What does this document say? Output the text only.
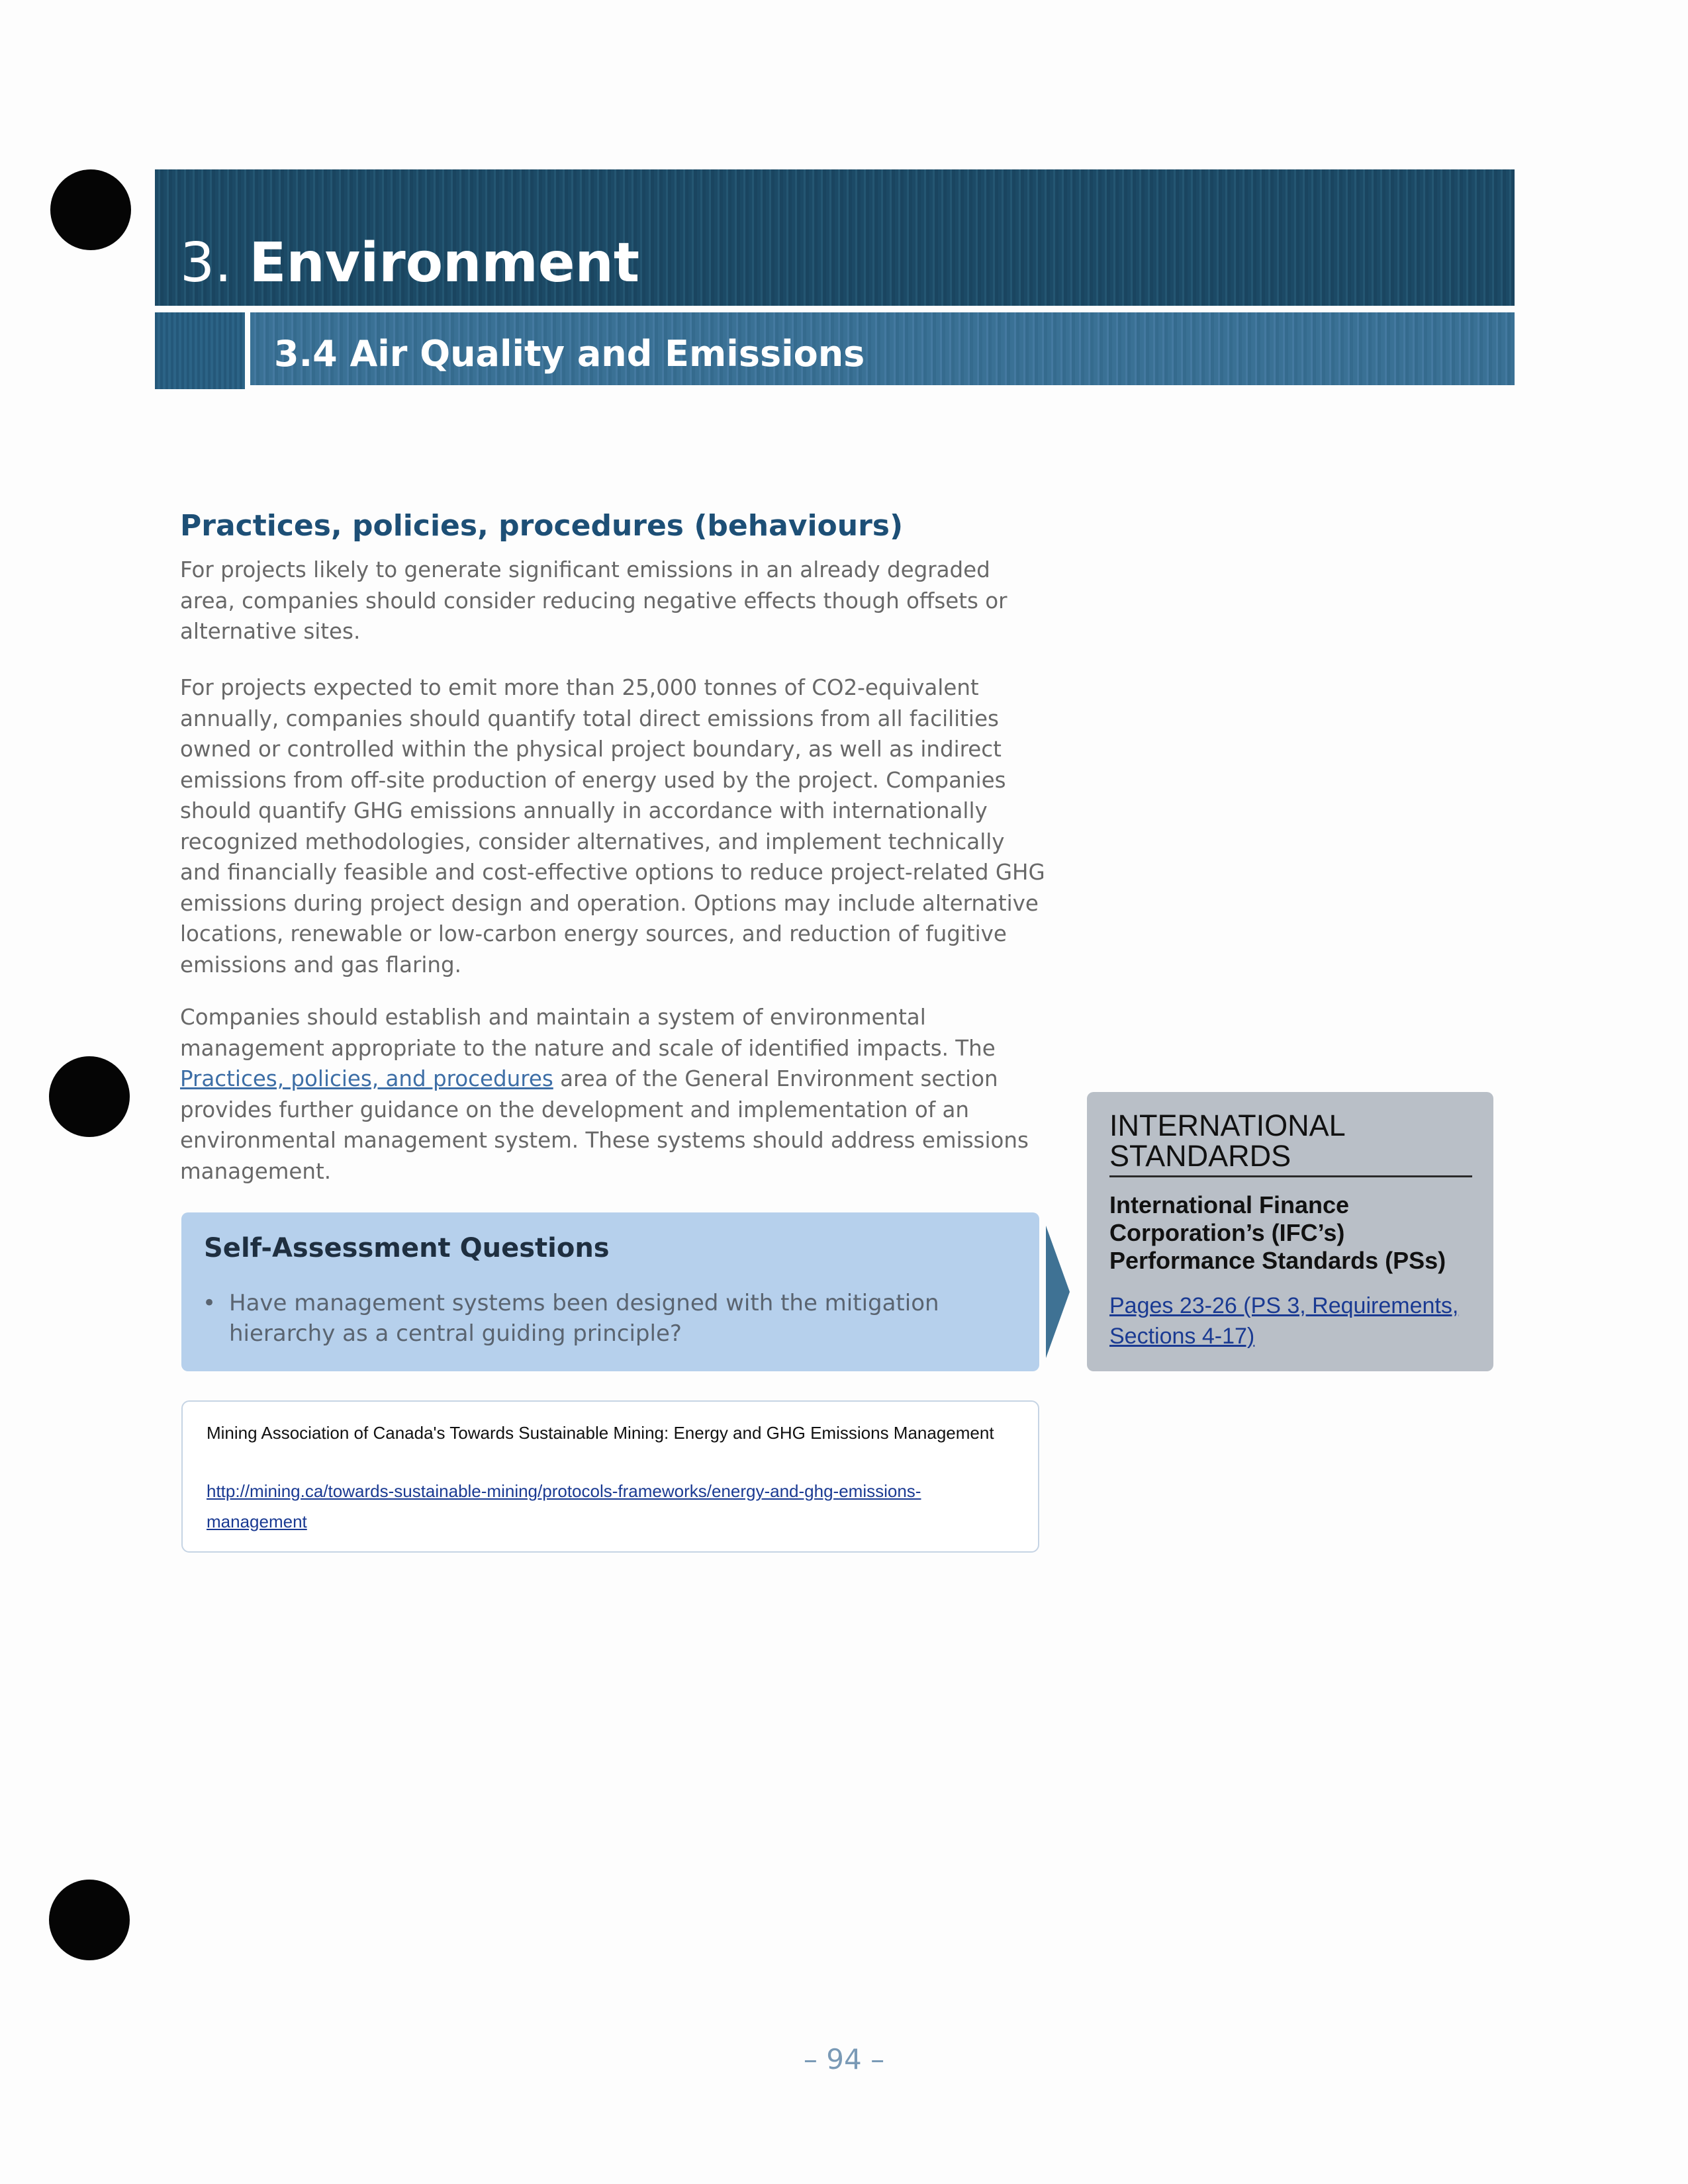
3. Environment
3.4 Air Quality and Emissions
Practices, policies, procedures (behaviours)
For projects likely to generate significant emissions in an already degraded area, companies should consider reducing negative effects though offsets or alternative sites.
For projects expected to emit more than 25,000 tonnes of CO2-equivalent annually, companies should quantify total direct emissions from all facilities owned or controlled within the physical project boundary, as well as indirect emissions from off-site production of energy used by the project. Companies should quantify GHG emissions annually in accordance with internationally recognized methodologies, consider alternatives, and implement technically and financially feasible and cost-effective options to reduce project-related GHG emissions during project design and operation. Options may include alternative locations, renewable or low-carbon energy sources, and reduction of fugitive emissions and gas flaring.
Companies should establish and maintain a system of environmental management appropriate to the nature and scale of identified impacts. The Practices, policies, and procedures area of the General Environment section provides further guidance on the development and implementation of an environmental management system. These systems should address emissions management.
Self-Assessment Questions
• Have management systems been designed with the mitigation hierarchy as a central guiding principle?
Mining Association of Canada's Towards Sustainable Mining: Energy and GHG Emissions Management
http://mining.ca/towards-sustainable-mining/protocols-frameworks/energy-and-ghg-emissions-management
INTERNATIONAL STANDARDS
International Finance Corporation’s (IFC’s) Performance Standards (PSs)
Pages 23-26 (PS 3, Requirements, Sections 4-17)
– 94 –
